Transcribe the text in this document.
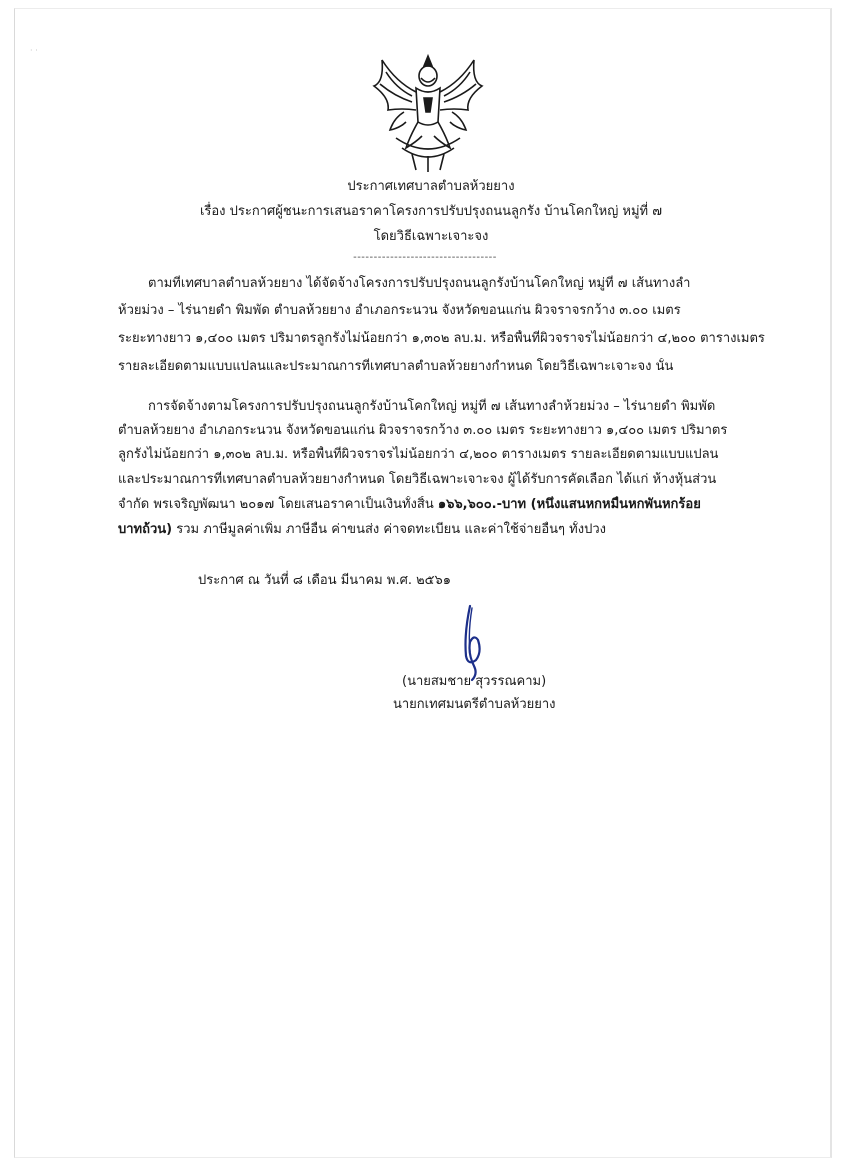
· ·
ประกาศเทศบาลตำบลห้วยยาง
เรื่อง ประกาศผู้ชนะการเสนอราคาโครงการปรับปรุงถนนลูกรัง บ้านโคกใหญ่ หมู่ที่ ๗
โดยวิธีเฉพาะเจาะจง
-----------------------------------
ตามที่เทศบาลตำบลห้วยยาง ได้จัดจ้างโครงการปรับปรุงถนนลูกรังบ้านโคกใหญ่ หมู่ที่ ๗ เส้นทางลำ
ห้วยม่วง – ไร่นายดำ พิมพัด ตำบลห้วยยาง อำเภอกระนวน จังหวัดขอนแก่น ผิวจราจรกว้าง ๓.๐๐ เมตร
ระยะทางยาว ๑,๔๐๐ เมตร ปริมาตรลูกรังไม่น้อยกว่า ๑,๓๐๒ ลบ.ม. หรือพื้นที่ผิวจราจรไม่น้อยกว่า ๔,๒๐๐ ตารางเมตร
รายละเอียดตามแบบแปลนและประมาณการที่เทศบาลตำบลห้วยยางกำหนด โดยวิธีเฉพาะเจาะจง นั้น
การจัดจ้างตามโครงการปรับปรุงถนนลูกรังบ้านโคกใหญ่ หมู่ที่ ๗ เส้นทางลำห้วยม่วง – ไร่นายดำ พิมพัด
ตำบลห้วยยาง อำเภอกระนวน จังหวัดขอนแก่น ผิวจราจรกว้าง ๓.๐๐ เมตร ระยะทางยาว ๑,๔๐๐ เมตร ปริมาตร
ลูกรังไม่น้อยกว่า ๑,๓๐๒ ลบ.ม. หรือพื้นที่ผิวจราจรไม่น้อยกว่า ๔,๒๐๐ ตารางเมตร รายละเอียดตามแบบแปลน
และประมาณการที่เทศบาลตำบลห้วยยางกำหนด โดยวิธีเฉพาะเจาะจง ผู้ได้รับการคัดเลือก ได้แก่ ห้างหุ้นส่วน
จำกัด พรเจริญพัฒนา ๒๐๑๗ โดยเสนอราคาเป็นเงินทั้งสิ้น ๑๖๖,๖๐๐.-บาท (หนึ่งแสนหกหมื่นหกพันหกร้อย
บาทถ้วน) รวม ภาษีมูลค่าเพิ่ม ภาษีอื่น ค่าขนส่ง ค่าจดทะเบียน และค่าใช้จ่ายอื่นๆ ทั้งปวง
ประกาศ ณ วันที่ ๘ เดือน มีนาคม พ.ศ. ๒๕๖๑
(นายสมชาย สุวรรณคาม)
นายกเทศมนตรีตำบลห้วยยาง
